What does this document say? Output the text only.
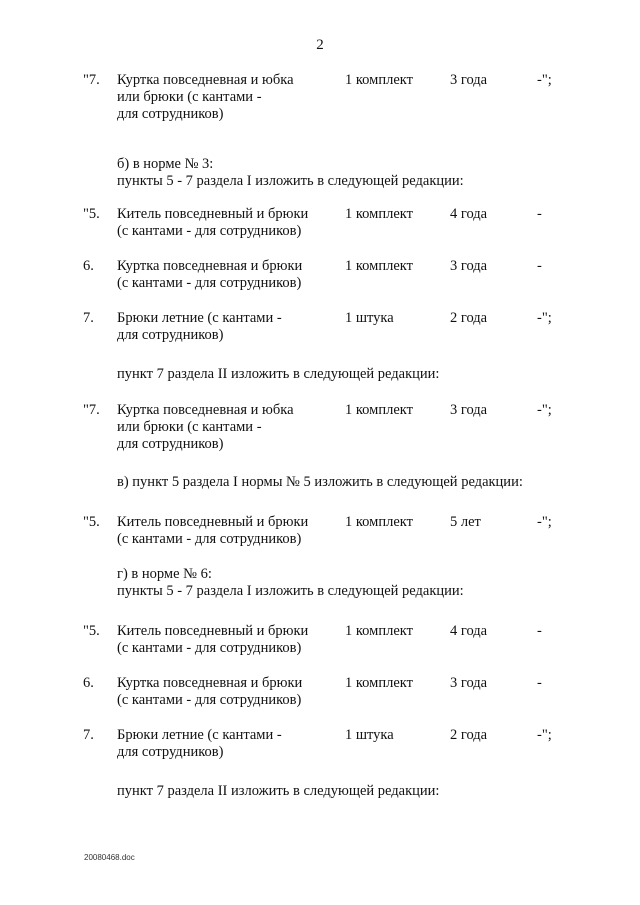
2
"7. Куртка повседневная и юбка
или брюки (с кантами -
для сотрудников)
1 комплект	3 года	-";
б) в норме № 3:
пункты 5 - 7 раздела I изложить в следующей редакции:
"5. Китель повседневный и брюки
(с кантами - для сотрудников)
1 комплект	4 года	-
6. Куртка повседневная и брюки
(с кантами - для сотрудников)
1 комплект	3 года	-
7. Брюки летние (с кантами -
для сотрудников)
1 штука	2 года	-";
пункт 7 раздела II изложить в следующей редакции:
"7. Куртка повседневная и юбка
или брюки (с кантами -
для сотрудников)
1 комплект	3 года	-";
в) пункт 5 раздела I нормы № 5 изложить в следующей редакции:
"5. Китель повседневный и брюки
(с кантами - для сотрудников)
1 комплект	5 лет	-";
г) в норме № 6:
пункты 5 - 7 раздела I изложить в следующей редакции:
"5. Китель повседневный и брюки
(с кантами - для сотрудников)
1 комплект	4 года	-
6. Куртка повседневная и брюки
(с кантами - для сотрудников)
1 комплект	3 года	-
7. Брюки летние (с кантами -
для сотрудников)
1 штука	2 года	-";
пункт 7 раздела II изложить в следующей редакции:
20080468.doc
